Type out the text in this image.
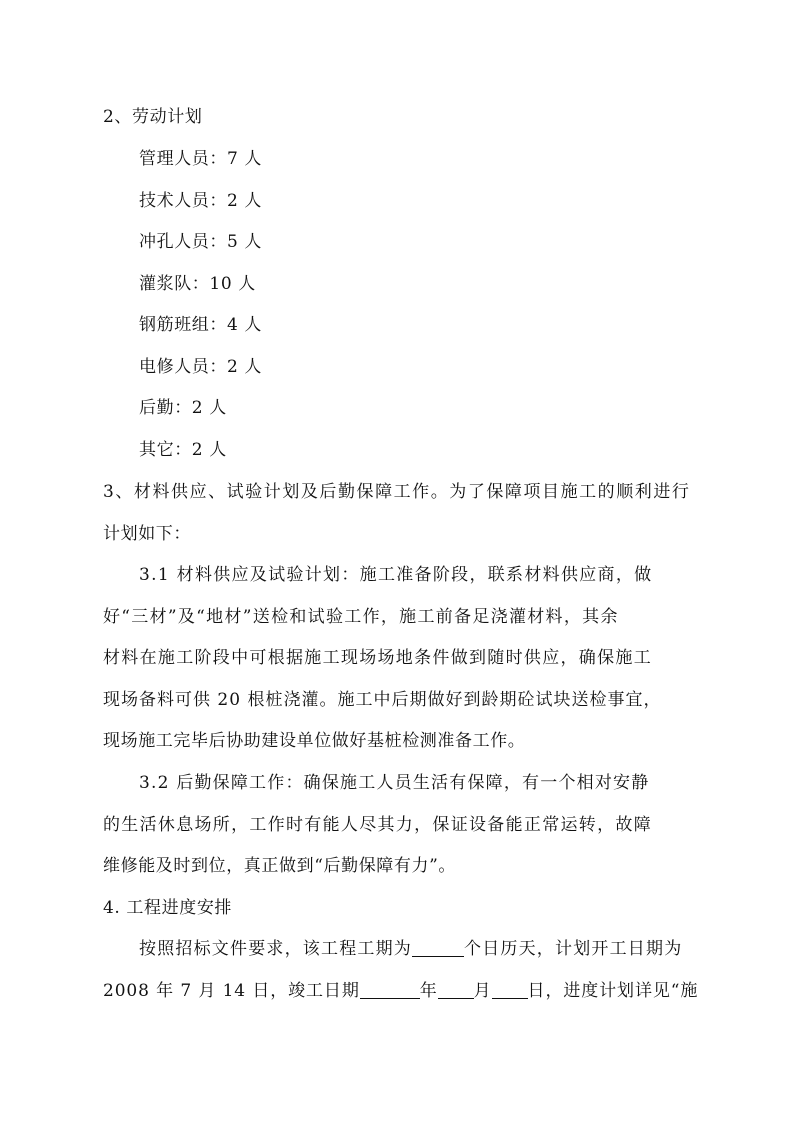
2、劳动计划
管理人员：7 人
技术人员：2 人
冲孔人员：5 人
灌浆队：10 人
钢筋班组：4 人
电修人员：2 人
后勤：2 人
其它：2 人
3、材料供应、试验计划及后勤保障工作。为了保障项目施工的顺利进行
计划如下：
3.1 材料供应及试验计划：施工准备阶段，联系材料供应商，做
好“三材”及“地材”送检和试验工作，施工前备足浇灌材料，其余
材料在施工阶段中可根据施工现场场地条件做到随时供应，确保施工
现场备料可供 20 根桩浇灌。施工中后期做好到龄期砼试块送检事宜，
现场施工完毕后协助建设单位做好基桩检测准备工作。
3.2 后勤保障工作：确保施工人员生活有保障，有一个相对安静
的生活休息场所，工作时有能人尽其力，保证设备能正常运转，故障
维修能及时到位，真正做到“后勤保障有力”。
4. 工程进度安排
按照招标文件要求，该工程工期为	个日历天，计划开工日期为
2008 年 7 月 14 日，竣工日期	年 月 日，进度计划详见“施
